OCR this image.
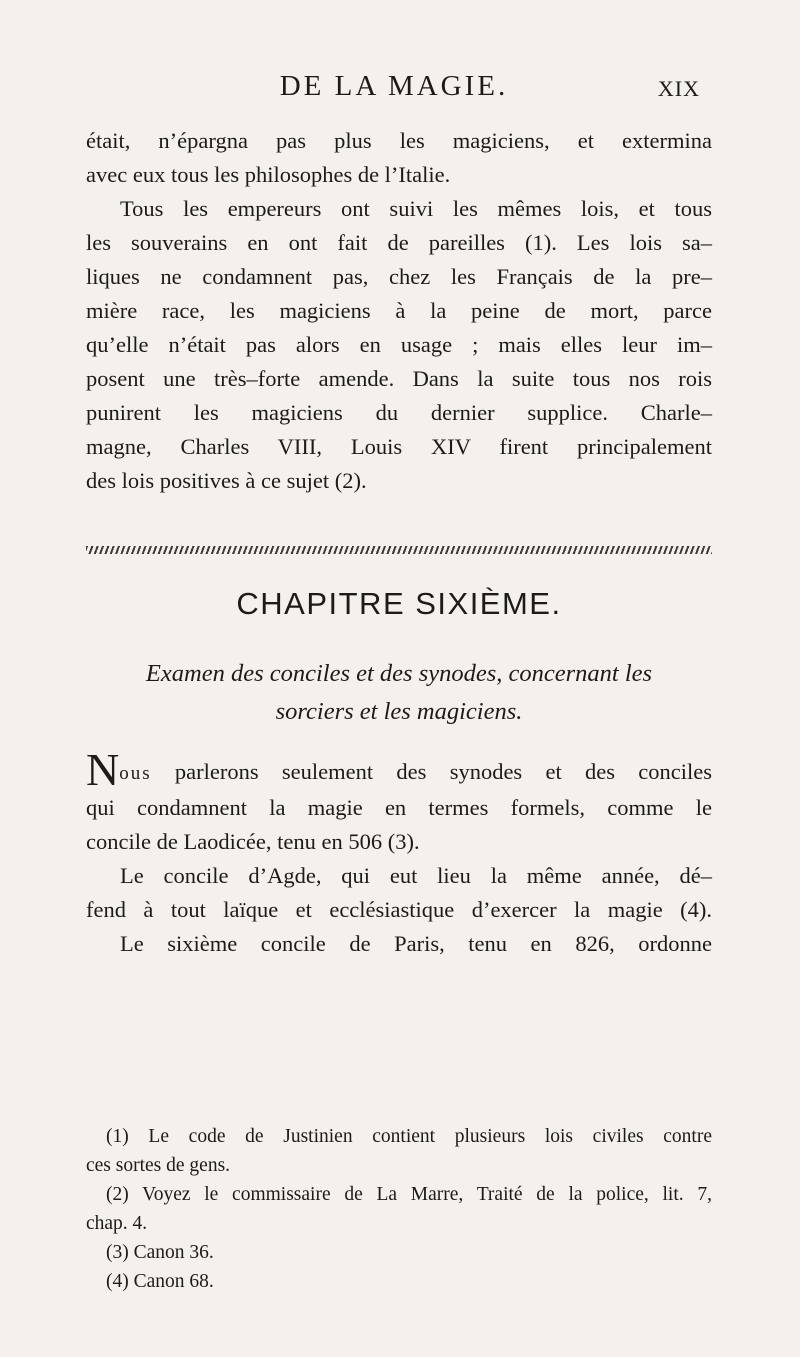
DE LA MAGIE.	XIX
était, n’épargna pas plus les magiciens, et extermina
avec eux tous les philosophes de l’Italie.
Tous les empereurs ont suivi les mêmes lois, et tous
les souverains en ont fait de pareilles (1). Les lois sa–
liques ne condamnent pas, chez les Français de la pre–
mière race, les magiciens à la peine de mort, parce
qu’elle n’était pas alors en usage ; mais elles leur im–
posent une très–forte amende. Dans la suite tous nos rois
punirent les magiciens du dernier supplice. Charle–
magne, Charles VIII, Louis XIV firent principalement
des lois positives à ce sujet (2).
CHAPITRE SIXIÈME.
Examen des conciles et des synodes, concernant les
sorciers et les magiciens.
Nous parlerons seulement des synodes et des conciles
qui condamnent la magie en termes formels, comme le
concile de Laodicée, tenu en 506 (3).
Le concile d’Agde, qui eut lieu la même année, dé–
fend à tout laïque et ecclésiastique d’exercer la magie (4).
Le sixième concile de Paris, tenu en 826, ordonne
(1) Le code de Justinien contient plusieurs lois civiles contre
ces sortes de gens.
(2) Voyez le commissaire de La Marre, Traité de la police, lit. 7,
chap. 4.
(3) Canon 36.
(4) Canon 68.
